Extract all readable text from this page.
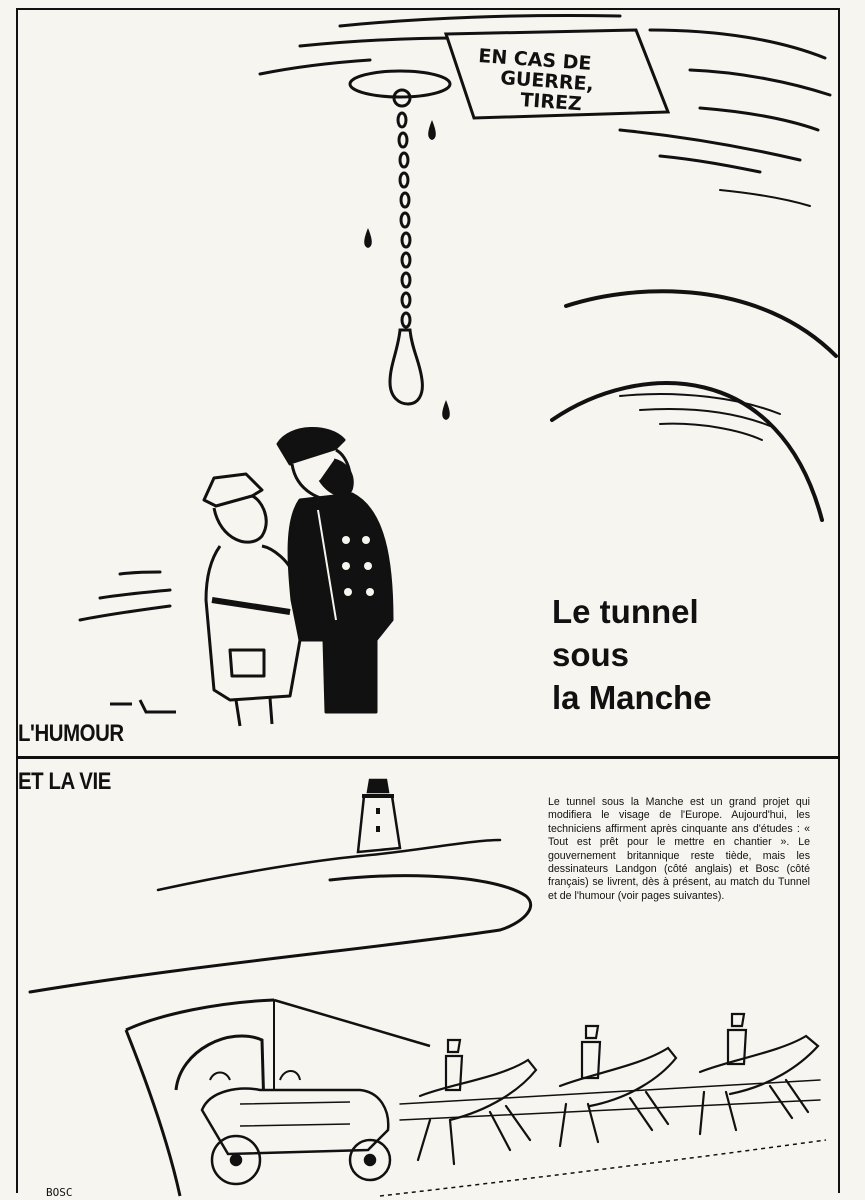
EN CAS DE
GUERRE,
TIREZ
BOSC
Le tunnel
sous
la Manche
L'HUMOUR
ET LA VIE
Le tunnel sous la Manche est un grand projet qui modifiera le visage de l'Europe. Aujourd'hui, les techniciens affirment après cinquante ans d'études : « Tout est prêt pour le mettre en chantier ». Le gouvernement britannique reste tiède, mais les dessinateurs Landgon (côté anglais) et Bosc (côté français) se livrent, dès à présent, au match du Tunnel et de l'humour (voir pages suivantes).
